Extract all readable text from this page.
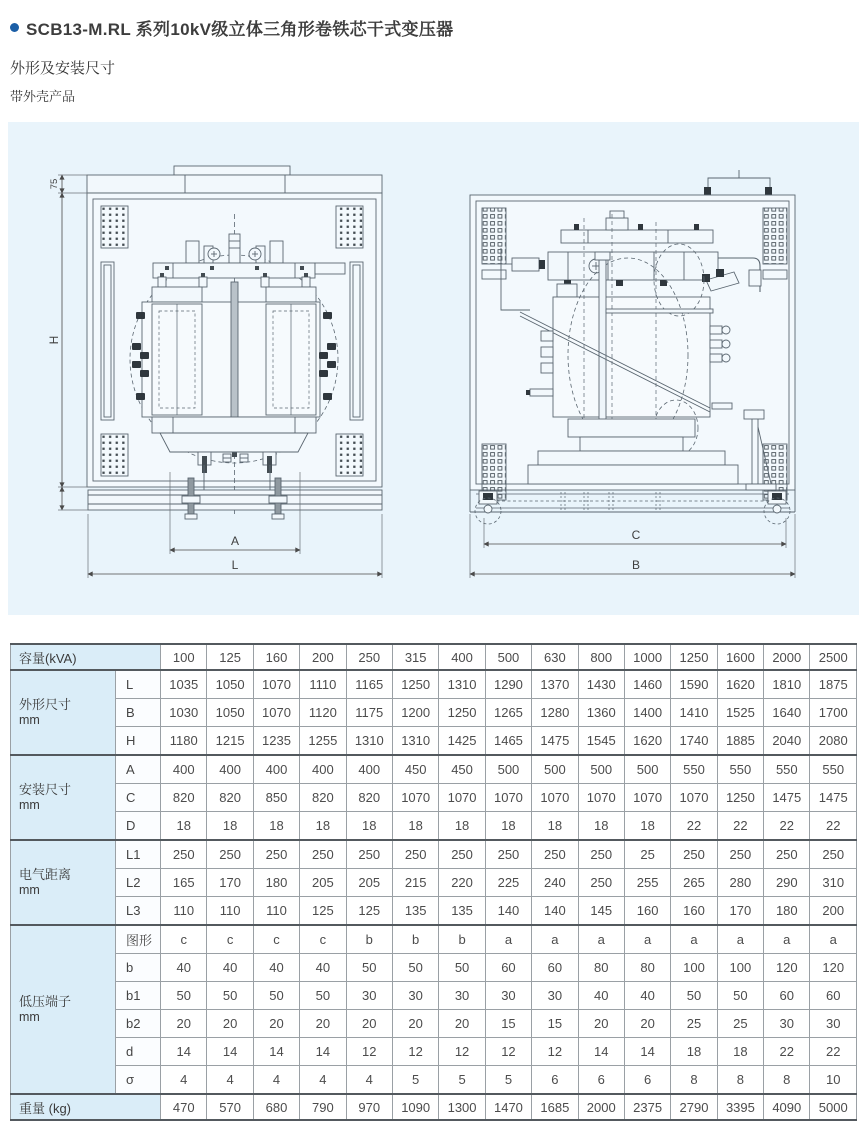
SCB13-M.RL 系列10kV级立体三角形卷铁芯干式变压器
外形及安装尺寸
带外壳产品
75
H
A
L
C
B
容量(kVA)		100	125	160	200	250	315	400	500	630	800	1000	1250	1600	2000	2500

外形尺寸
mm	L	1035	1050	1070	1110	1165	1250	1310	1290	1370	1430	1460	1590	1620	1810	1875
	B	1030	1050	1070	1120	1175	1200	1250	1265	1280	1360	1400	1410	1525	1640	1700
	H	1180	1215	1235	1255	1310	1310	1425	1465	1475	1545	1620	1740	1885	2040	2080

安装尺寸
mm	A	400	400	400	400	400	450	450	500	500	500	500	550	550	550	550
	C	820	820	850	820	820	1070	1070	1070	1070	1070	1070	1070	1250	1475	1475
	D	18	18	18	18	18	18	18	18	18	18	18	22	22	22	22

电气距离
mm	L1	250	250	250	250	250	250	250	250	250	250	25	250	250	250	250
	L2	165	170	180	205	205	215	220	225	240	250	255	265	280	290	310
	L3	110	110	110	125	125	135	135	140	140	145	160	160	170	180	200

低压端子
mm	图形	c	c	c	c	b	b	b	a	a	a	a	a	a	a	a
	b	40	40	40	40	50	50	50	60	60	80	80	100	100	120	120
	b1	50	50	50	50	30	30	30	30	30	40	40	50	50	60	60
	b2	20	20	20	20	20	20	20	15	15	20	20	25	25	30	30
	d	14	14	14	14	12	12	12	12	12	14	14	18	18	22	22
	σ	4	4	4	4	4	5	5	5	6	6	6	8	8	8	10
重量 (kg)		470	570	680	790	970	1090	1300	1470	1685	2000	2375	2790	3395	4090	5000
